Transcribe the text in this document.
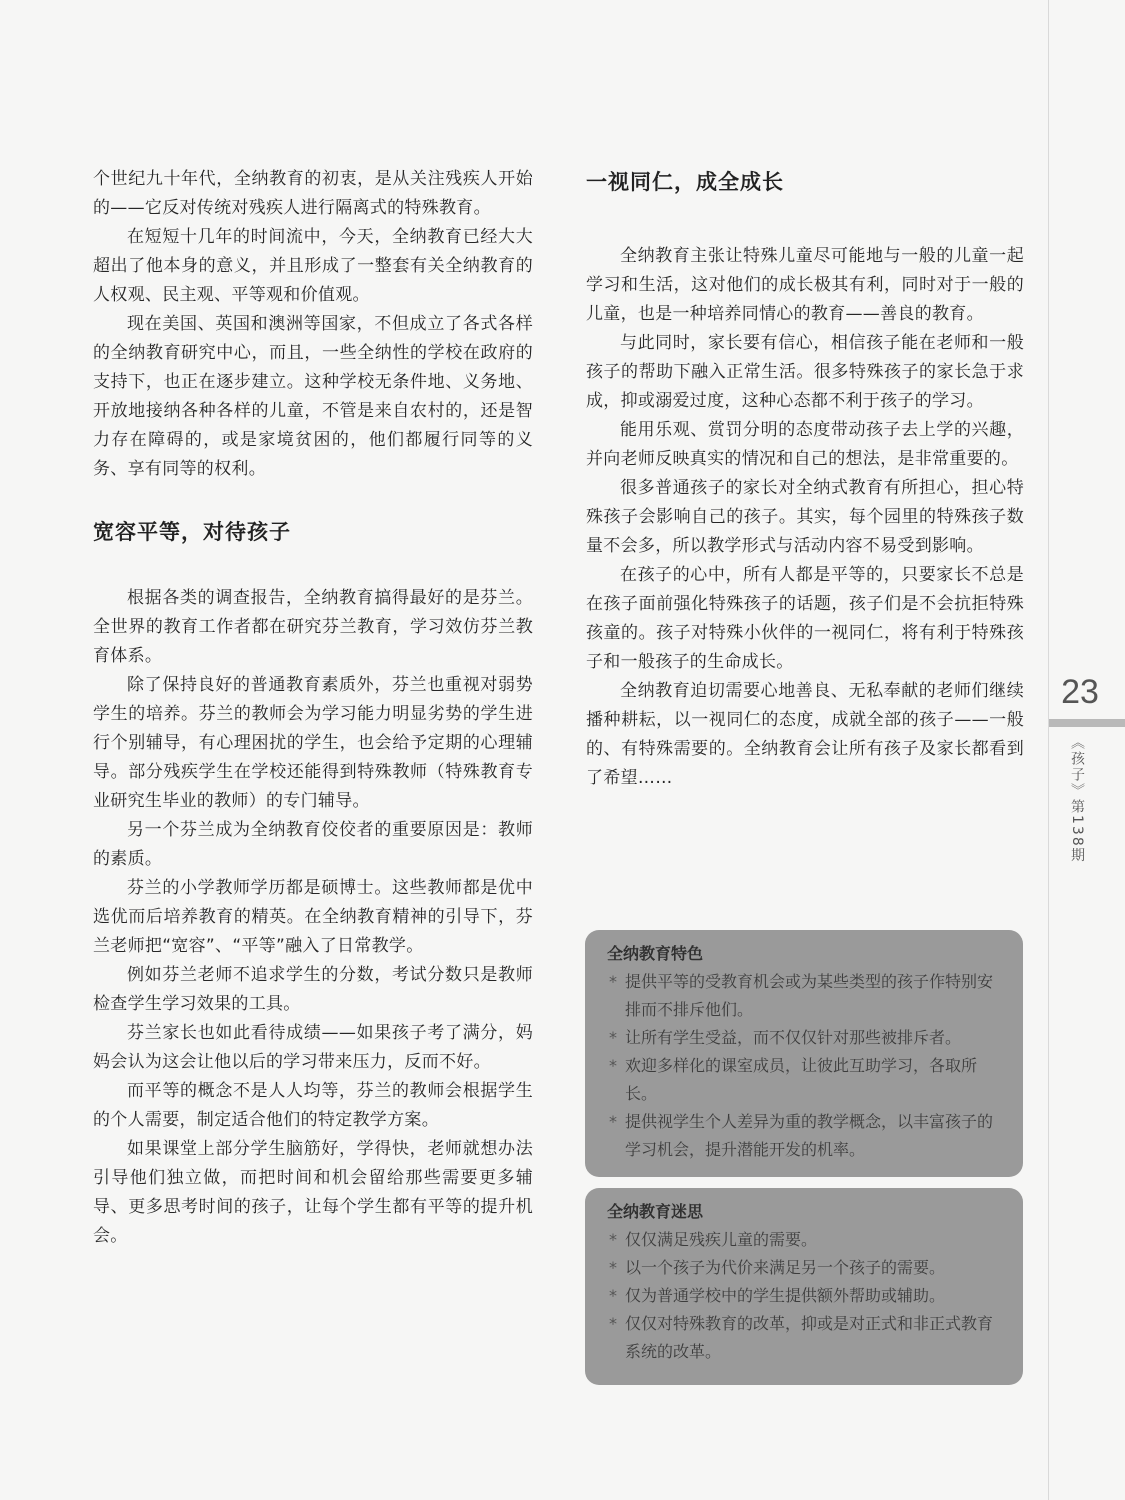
个世纪九十年代，全纳教育的初衷，是从关注残疾人开始的——它反对传统对残疾人进行隔离式的特殊教育。

在短短十几年的时间流中，今天，全纳教育已经大大超出了他本身的意义，并且形成了一整套有关全纳教育的人权观、民主观、平等观和价值观。

现在美国、英国和澳洲等国家，不但成立了各式各样的全纳教育研究中心，而且，一些全纳性的学校在政府的支持下，也正在逐步建立。这种学校无条件地、义务地、开放地接纳各种各样的儿童，不管是来自农村的，还是智力存在障碍的，或是家境贫困的，他们都履行同等的义务、享有同等的权利。

宽容平等，对待孩子

根据各类的调查报告，全纳教育搞得最好的是芬兰。全世界的教育工作者都在研究芬兰教育，学习效仿芬兰教育体系。

除了保持良好的普通教育素质外，芬兰也重视对弱势学生的培养。芬兰的教师会为学习能力明显劣势的学生进行个别辅导，有心理困扰的学生，也会给予定期的心理辅导。部分残疾学生在学校还能得到特殊教师（特殊教育专业研究生毕业的教师）的专门辅导。

另一个芬兰成为全纳教育佼佼者的重要原因是：教师的素质。

芬兰的小学教师学历都是硕博士。这些教师都是优中选优而后培养教育的精英。在全纳教育精神的引导下，芬兰老师把“宽容”、“平等”融入了日常教学。

例如芬兰老师不追求学生的分数，考试分数只是教师检查学生学习效果的工具。

芬兰家长也如此看待成绩——如果孩子考了满分，妈妈会认为这会让他以后的学习带来压力，反而不好。

而平等的概念不是人人均等，芬兰的教师会根据学生的个人需要，制定适合他们的特定教学方案。

如果课堂上部分学生脑筋好，学得快，老师就想办法引导他们独立做，而把时间和机会留给那些需要更多辅导、更多思考时间的孩子，让每个学生都有平等的提升机会。

一视同仁，成全成长

全纳教育主张让特殊儿童尽可能地与一般的儿童一起学习和生活，这对他们的成长极其有利，同时对于一般的儿童，也是一种培养同情心的教育——善良的教育。

与此同时，家长要有信心，相信孩子能在老师和一般孩子的帮助下融入正常生活。很多特殊孩子的家长急于求成，抑或溺爱过度，这种心态都不利于孩子的学习。

能用乐观、赏罚分明的态度带动孩子去上学的兴趣，并向老师反映真实的情况和自己的想法，是非常重要的。

很多普通孩子的家长对全纳式教育有所担心，担心特殊孩子会影响自己的孩子。其实，每个园里的特殊孩子数量不会多，所以教学形式与活动内容不易受到影响。

在孩子的心中，所有人都是平等的，只要家长不总是在孩子面前强化特殊孩子的话题，孩子们是不会抗拒特殊孩童的。孩子对特殊小伙伴的一视同仁，将有利于特殊孩子和一般孩子的生命成长。

全纳教育迫切需要心地善良、无私奉献的老师们继续播种耕耘，以一视同仁的态度，成就全部的孩子——一般的、有特殊需要的。全纳教育会让所有孩子及家长都看到了希望……

全纳教育特色
* 提供平等的受教育机会或为某些类型的孩子作特别安排而不排斥他们。
* 让所有学生受益，而不仅仅针对那些被排斥者。
* 欢迎多样化的课室成员，让彼此互助学习，各取所长。
* 提供视学生个人差异为重的教学概念，以丰富孩子的学习机会，提升潜能开发的机率。
全纳教育迷思
* 仅仅满足残疾儿童的需要。
* 以一个孩子为代价来满足另一个孩子的需要。
* 仅为普通学校中的学生提供额外帮助或辅助。
* 仅仅对特殊教育的改革，抑或是对正式和非正式教育系统的改革。
23
《孩子》第138期
